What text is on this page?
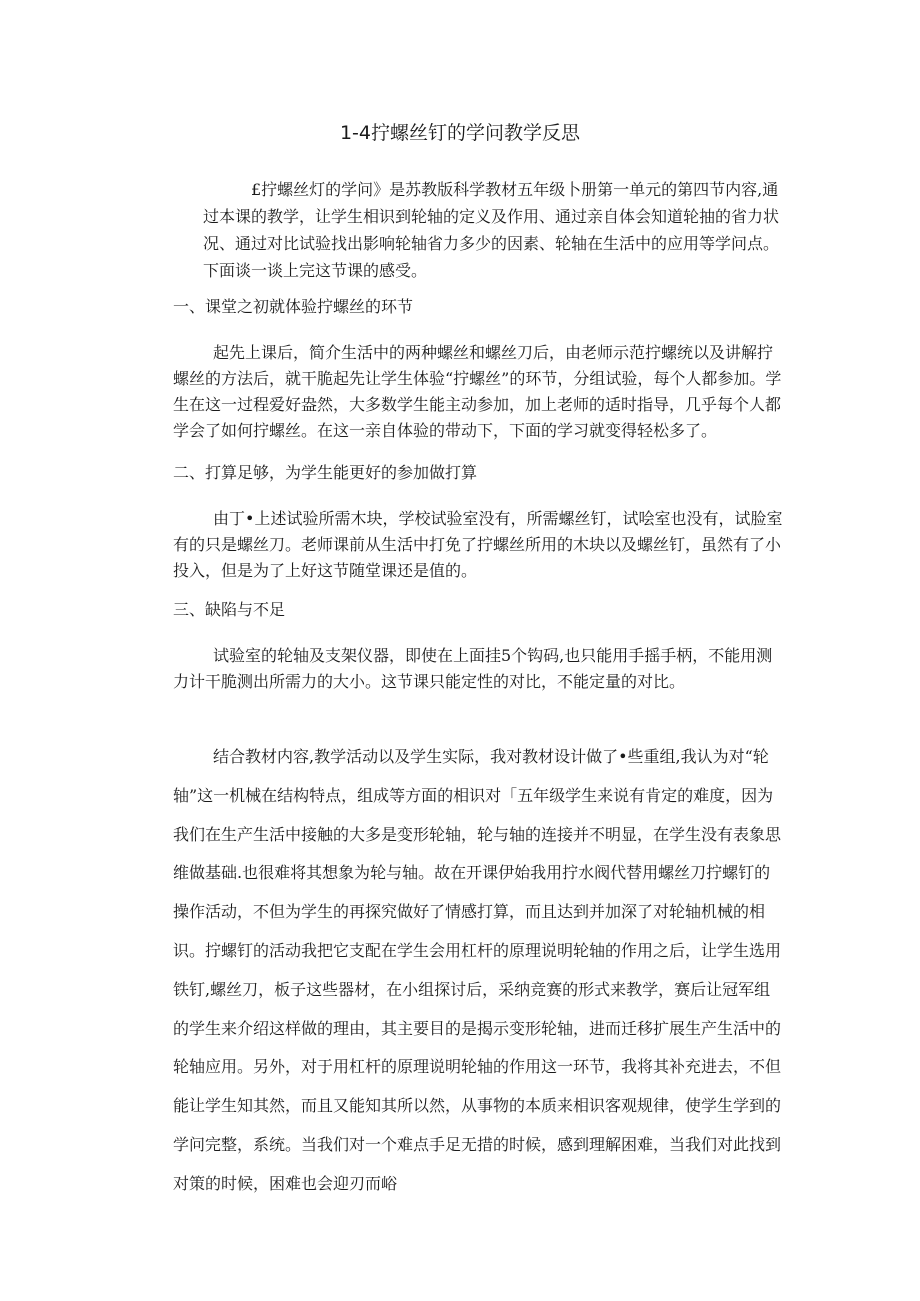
1-4拧螺丝钉的学问教学反思

£拧螺丝灯的学问》是苏教版科学教材五年级卜册第一单元的第四节内容,通过本课的教学，让学生相识到轮轴的定义及作用、通过亲自体会知道轮抽的省力状况、通过对比试验找出影响轮轴省力多少的因素、轮轴在生活中的应用等学问点。下面谈一谈上完这节课的感受。

一、课堂之初就体验拧螺丝的环节

起先上课后，简介生活中的两种螺丝和螺丝刀后，由老师示范拧螺统以及讲解拧螺丝的方法后，就干脆起先让学生体验“拧螺丝”的环节，分组试验，每个人都参加。学生在这一过程爱好盎然，大多数学生能主动参加，加上老师的适时指导，几乎每个人都学会了如何拧螺丝。在这一亲自体验的带动下，下面的学习就变得轻松多了。

二、打算足够，为学生能更好的参加做打算

由丁•上述试验所需木块，学校试验室没有，所需螺丝钉，试哙室也没有，试脸室有的只是螺丝刀。老师课前从生活中打免了拧螺丝所用的木块以及螺丝钉，虽然有了小投入，但是为了上好这节随堂课还是值的。

三、缺陷与不足

试验室的轮轴及支架仪器，即使在上面挂5个钩码,也只能用手摇手柄，不能用测力计干脆测出所需力的大小。这节课只能定性的对比，不能定量的对比。

结合教材内容,教学活动以及学生实际，我对教材设计做了•些重组,我认为对“轮轴”这一机械在结构特点，组成等方面的相识对「五年级学生来说有肯定的难度，因为我们在生产生活中接触的大多是变形轮轴，轮与轴的连接并不明显，在学生没有表象思维做基础.也很难将其想象为轮与轴。故在开课伊始我用拧水阀代替用螺丝刀拧螺钉的操作活动，不但为学生的再探究做好了情感打算，而且达到并加深了对轮轴机械的相识。拧螺钉的活动我把它支配在学生会用杠杆的原理说明轮轴的作用之后，让学生选用铁钉,螺丝刀，板子这些器材，在小组探讨后，采纳竞赛的形式来教学，赛后让冠军组的学生来介绍这样做的理由，其主要目的是揭示变形轮轴，进而迁移扩展生产生活中的轮轴应用。另外，对于用杠杆的原理说明轮轴的作用这一环节，我将其补充进去，不但能让学生知其然，而且又能知其所以然，从事物的本质来相识客观规律，使学生学到的学问完整，系统。当我们对一个难点手足无措的时候，感到理解困难，当我们对此找到对策的时候，困难也会迎刃而峪
